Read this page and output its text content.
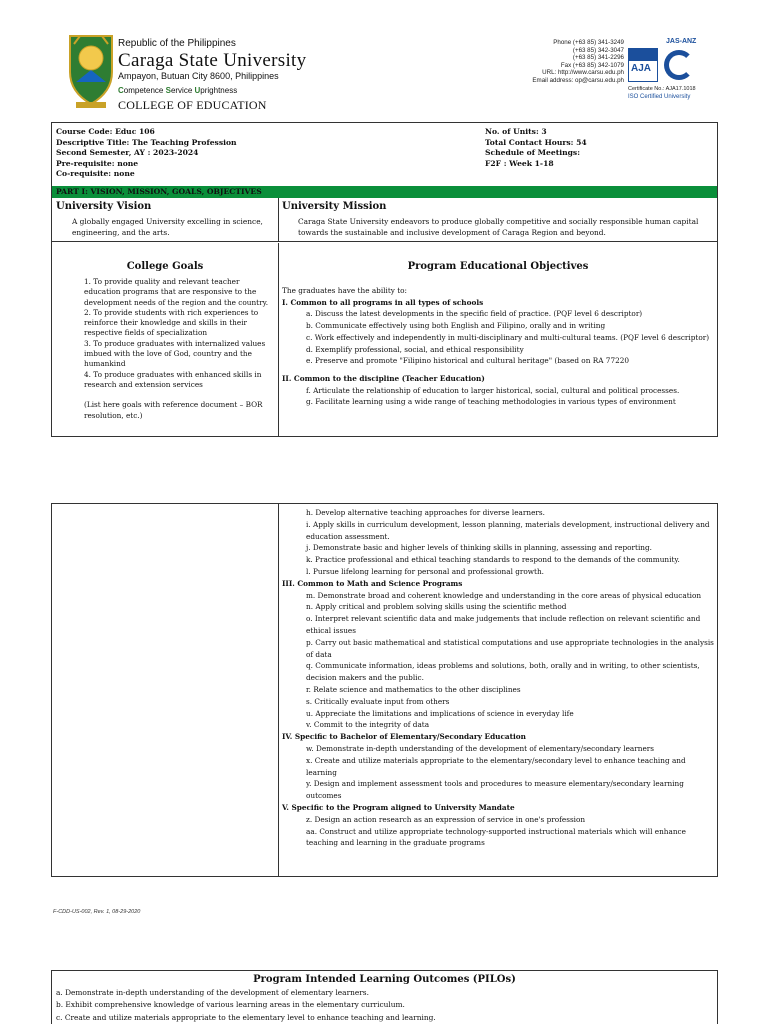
Republic of the Philippines
Caraga State University
Ampayon, Butuan City 8600, Philippines
Competence Service Uprightness
COLLEGE OF EDUCATION
Phone (+63 85) 341-3249
(+63 85) 342-3047
(+63 85) 341-2296
Fax (+63 85) 342-1079
URL: http://www.carsu.edu.ph
Email address: op@carsu.edu.ph
JAS-ANZ
AJA
Certificate No.: AJA17.1018
ISO Certified University
Course Code: Educ 106
Descriptive Title: The Teaching Profession
Second Semester, AY : 2023-2024
Pre-requisite: none
Co-requisite: none
No. of Units: 3
Total Contact Hours: 54
Schedule of Meetings:
F2F : Week 1-18
PART I: VISION, MISSION, GOALS, OBJECTIVES
University Vision
A globally engaged University excelling in science, engineering, and the arts.
University Mission
Caraga State University endeavors to produce globally competitive and socially responsible human capital towards the sustainable and inclusive development of Caraga Region and beyond.
College Goals
1. To provide quality and relevant teacher education programs that are responsive to the development needs of the region and the country.
2. To provide students with rich experiences to reinforce their knowledge and skills in their respective fields of specialization
3. To produce graduates with internalized values imbued with the love of God, country and the humankind
4. To produce graduates with enhanced skills in research and extension services
(List here goals with reference document – BOR resolution, etc.)
Program Educational Objectives
The graduates have the ability to:
I. Common to all programs in all types of schools
a. Discuss the latest developments in the specific field of practice. (PQF level 6 descriptor)
b. Communicate effectively using both English and Filipino, orally and in writing
c. Work effectively and independently in multi-disciplinary and multi-cultural teams. (PQF level 6 descriptor)
d. Exemplify professional, social, and ethical responsibility
e. Preserve and promote "Filipino historical and cultural heritage" (based on RA 77220
II. Common to the discipline (Teacher Education)
f. Articulate the relationship of education to larger historical, social, cultural and political processes.
g. Facilitate learning using a wide range of teaching methodologies in various types of environment
h. Develop alternative teaching approaches for diverse learners.
i. Apply skills in curriculum development, lesson planning, materials development, instructional delivery and education assessment.
j. Demonstrate basic and higher levels of thinking skills in planning, assessing and reporting.
k. Practice professional and ethical teaching standards to respond to the demands of the community.
l. Pursue lifelong learning for personal and professional growth.
III. Common to Math and Science Programs
m. Demonstrate broad and coherent knowledge and understanding in the core areas of physical education
n. Apply critical and problem solving skills using the scientific method
o. Interpret relevant scientific data and make judgements that include reflection on relevant scientific and ethical issues
p. Carry out basic mathematical and statistical computations and use appropriate technologies in the analysis of data
q. Communicate information, ideas problems and solutions, both, orally and in writing, to other scientists, decision makers and the public.
r. Relate science and mathematics to the other disciplines
s. Critically evaluate input from others
u. Appreciate the limitations and implications of science in everyday life
v. Commit to the integrity of data
IV. Specific to Bachelor of Elementary/Secondary Education
w. Demonstrate in-depth understanding of the development of elementary/secondary learners
x. Create and utilize materials appropriate to the elementary/secondary level to enhance teaching and learning
y. Design and implement assessment tools and procedures to measure elementary/secondary learning outcomes
V. Specific to the Program aligned to University Mandate
z. Design an action research as an expression of service in one's profession
aa. Construct and utilize appropriate technology-supported instructional materials which will enhance teaching and learning in the graduate programs
F-CDD-US-002, Rev. 1, 08-29-2020
Program Intended Learning Outcomes (PILOs)
a. Demonstrate in-depth understanding of the development of elementary learners.
b. Exhibit comprehensive knowledge of various learning areas in the elementary curriculum.
c. Create and utilize materials appropriate to the elementary level to enhance teaching and learning.
